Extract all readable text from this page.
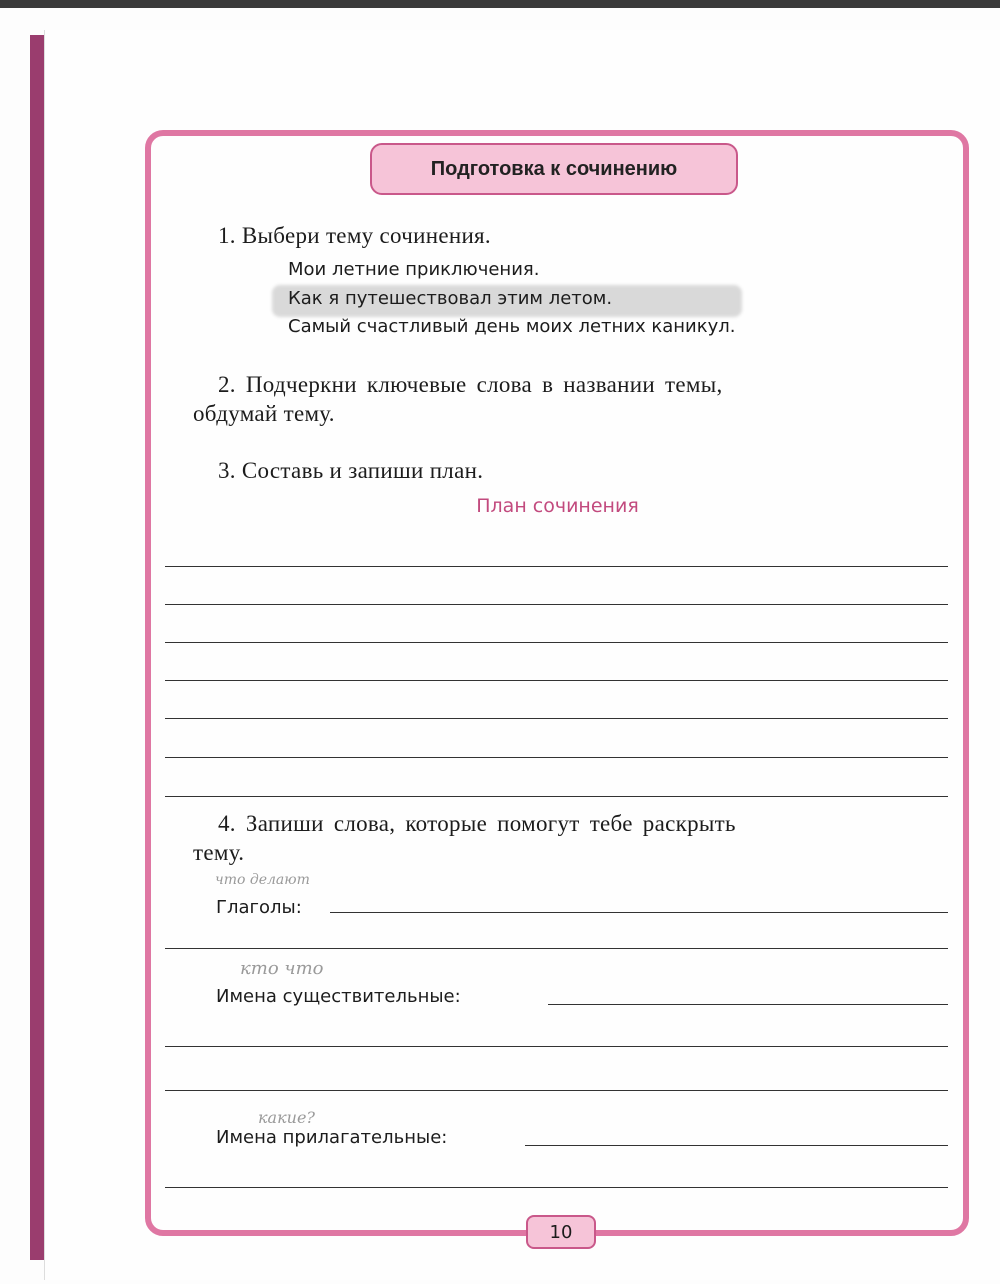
Подготовка к сочинению
1. Выбери тему сочинения.
Мои летние приключения.
Как я путешествовал этим летом.
Самый счастливый день моих летних каникул.
2. Подчеркни ключевые слова в названии темы,
обдумай тему.
3. Составь и запиши план.
План сочинения
4. Запиши слова, которые помогут тебе раскрыть
тему.
что делают
Глаголы:
кто что
Имена существительные:
какие?
Имена прилагательные:
10
